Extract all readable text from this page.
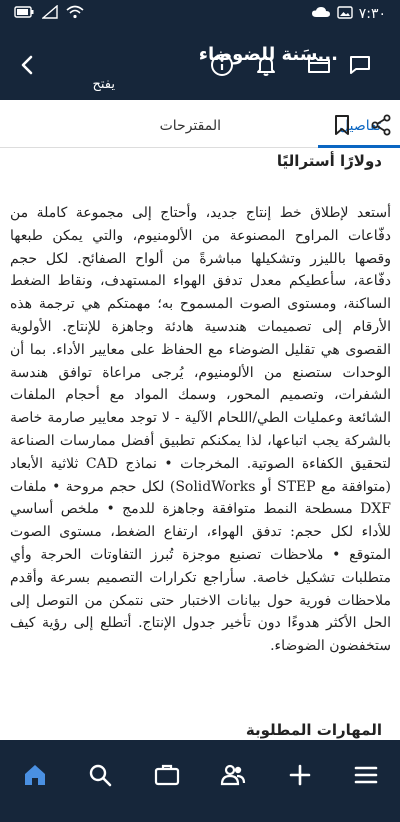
٧:٣٠
...سَنة للضوضاء
يفتح
تفاصيل
المقترحات
دولارًا أستراليًا
أستعد لإطلاق خط إنتاج جديد، وأحتاج إلى مجموعة كاملة من دفّاعات المراوح المصنوعة من الألومنيوم، والتي يمكن طبعها وقصها بالليزر وتشكيلها مباشرةً من ألواح الصفائح. لكل حجم دفّاعة، سأعطيكم معدل تدفق الهواء المستهدف، ونقاط الضغط الساكنة، ومستوى الصوت المسموح به؛ مهمتكم هي ترجمة هذه الأرقام إلى تصميمات هندسية هادئة وجاهزة للإنتاج. الأولوية القصوى هي تقليل الضوضاء مع الحفاظ على معايير الأداء. بما أن الوحدات ستصنع من الألومنيوم، يُرجى مراعاة توافق هندسة الشفرات، وتصميم المحور، وسمك المواد مع أحجام الملفات الشائعة وعمليات الطي/اللحام الآلية - لا توجد معايير صارمة خاصة بالشركة يجب اتباعها، لذا يمكنكم تطبيق أفضل ممارسات الصناعة لتحقيق الكفاءة الصوتية. المخرجات • نماذج CAD ثلاثية الأبعاد (متوافقة مع STEP أو SolidWorks) لكل حجم مروحة • ملفات DXF مسطحة النمط متوافقة وجاهزة للدمج • ملخص أساسي للأداء لكل حجم: تدفق الهواء، ارتفاع الضغط، مستوى الصوت المتوقع • ملاحظات تصنيع موجزة تُبرز التفاوتات الحرجة وأي متطلبات تشكيل خاصة. سأراجع تكرارات التصميم بسرعة وأقدم ملاحظات فورية حول بيانات الاختبار حتى نتمكن من التوصل إلى الحل الأكثر هدوءًا دون تأخير جدول الإنتاج. أتطلع إلى رؤية كيف ستخفضون الضوضاء.
المهارات المطلوبة
